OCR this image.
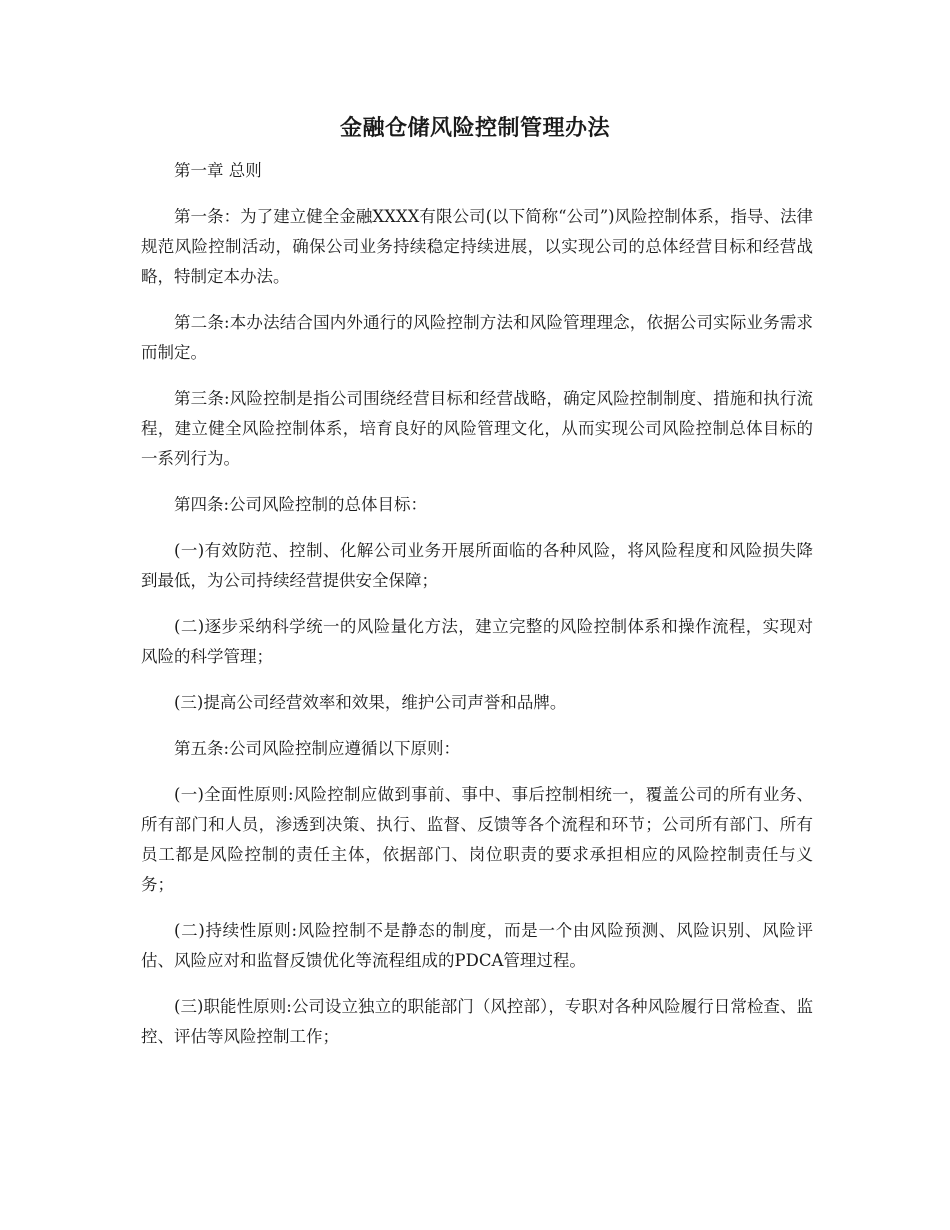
金融仓储风险控制管理办法

第一章 总则

第一条：为了建立健全金融XXXX有限公司(以下简称“公司”)风险控制体系，指导、法律规范风险控制活动，确保公司业务持续稳定持续进展，以实现公司的总体经营目标和经营战略，特制定本办法。

第二条:本办法结合国内外通行的风险控制方法和风险管理理念，依据公司实际业务需求而制定。

第三条:风险控制是指公司围绕经营目标和经营战略，确定风险控制制度、措施和执行流程，建立健全风险控制体系，培育良好的风险管理文化，从而实现公司风险控制总体目标的一系列行为。

第四条:公司风险控制的总体目标：

(一)有效防范、控制、化解公司业务开展所面临的各种风险，将风险程度和风险损失降到最低，为公司持续经营提供安全保障；

(二)逐步采纳科学统一的风险量化方法，建立完整的风险控制体系和操作流程，实现对风险的科学管理；

(三)提高公司经营效率和效果，维护公司声誉和品牌。

第五条:公司风险控制应遵循以下原则：

(一)全面性原则:风险控制应做到事前、事中、事后控制相统一，覆盖公司的所有业务、所有部门和人员，渗透到决策、执行、监督、反馈等各个流程和环节；公司所有部门、所有员工都是风险控制的责任主体，依据部门、岗位职责的要求承担相应的风险控制责任与义务；

(二)持续性原则:风险控制不是静态的制度，而是一个由风险预测、风险识别、风险评估、风险应对和监督反馈优化等流程组成的PDCA管理过程。

(三)职能性原则:公司设立独立的职能部门（风控部），专职对各种风险履行日常检查、监控、评估等风险控制工作；
